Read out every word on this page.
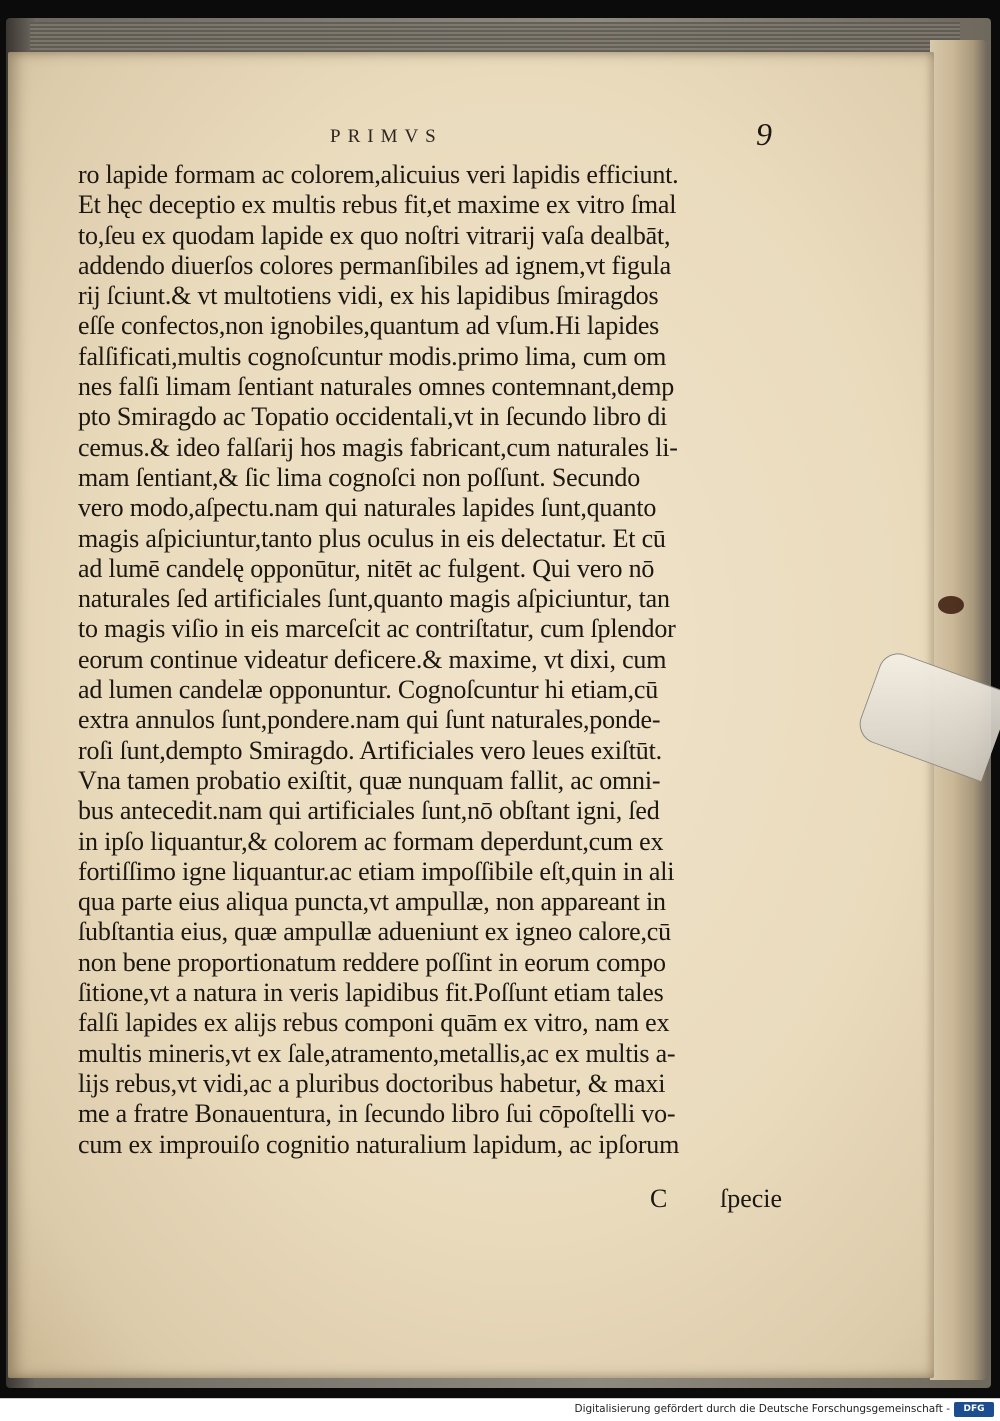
PRIMVS	9
ro lapide formam ac colorem,alicuius veri lapidis efficiunt.
Et hęc deceptio ex multis rebus fit,et maxime ex vitro ſmal
to,ſeu ex quodam lapide ex quo noſtri vitrarij vaſa dealbāt,
addendo diuerſos colores permanſibiles ad ignem,vt figula
rij ſciunt.& vt multotiens vidi, ex his lapidibus ſmiragdos
eſſe confectos,non ignobiles,quantum ad vſum.Hi lapides
falſificati,multis cognoſcuntur modis.primo lima, cum om
nes falſi limam ſentiant naturales omnes contemnant,demp
pto Smiragdo ac Topatio occidentali,vt in ſecundo libro di
cemus.& ideo falſarij hos magis fabricant,cum naturales li-
mam ſentiant,& ſic lima cognoſci non poſſunt. Secundo
vero modo,aſpectu.nam qui naturales lapides ſunt,quanto
magis aſpiciuntur,tanto plus oculus in eis delectatur. Et cū
ad lumē candelę opponūtur, nitēt ac fulgent. Qui vero nō
naturales ſed artificiales ſunt,quanto magis aſpiciuntur, tan
to magis viſio in eis marceſcit ac contriſtatur, cum ſplendor
eorum continue videatur deficere.& maxime, vt dixi, cum
ad lumen candelæ opponuntur. Cognoſcuntur hi etiam,cū
extra annulos ſunt,pondere.nam qui ſunt naturales,ponde-
roſi ſunt,dempto Smiragdo. Artificiales vero leues exiſtūt.
Vna tamen probatio exiſtit, quæ nunquam fallit, ac omni-
bus antecedit.nam qui artificiales ſunt,nō obſtant igni, ſed
in ipſo liquantur,& colorem ac formam deperdunt,cum ex
fortiſſimo igne liquantur.ac etiam impoſſibile eſt,quin in ali
qua parte eius aliqua puncta,vt ampullæ, non appareant in
ſubſtantia eius, quæ ampullæ adueniunt ex igneo calore,cū
non bene proportionatum reddere poſſint in eorum compo
ſitione,vt a natura in veris lapidibus fit.Poſſunt etiam tales
falſi lapides ex alijs rebus componi quām ex vitro, nam ex
multis mineris,vt ex ſale,atramento,metallis,ac ex multis a-
lijs rebus,vt vidi,ac a pluribus doctoribus habetur, & maxi
me a fratre Bonauentura, in ſecundo libro ſui cōpoſtelli vo-
cum ex improuiſo cognitio naturalium lapidum, ac ipſorum
C ſpecie
Digitalisierung gefördert durch die Deutsche Forschungsgemeinschaft -	DFG
